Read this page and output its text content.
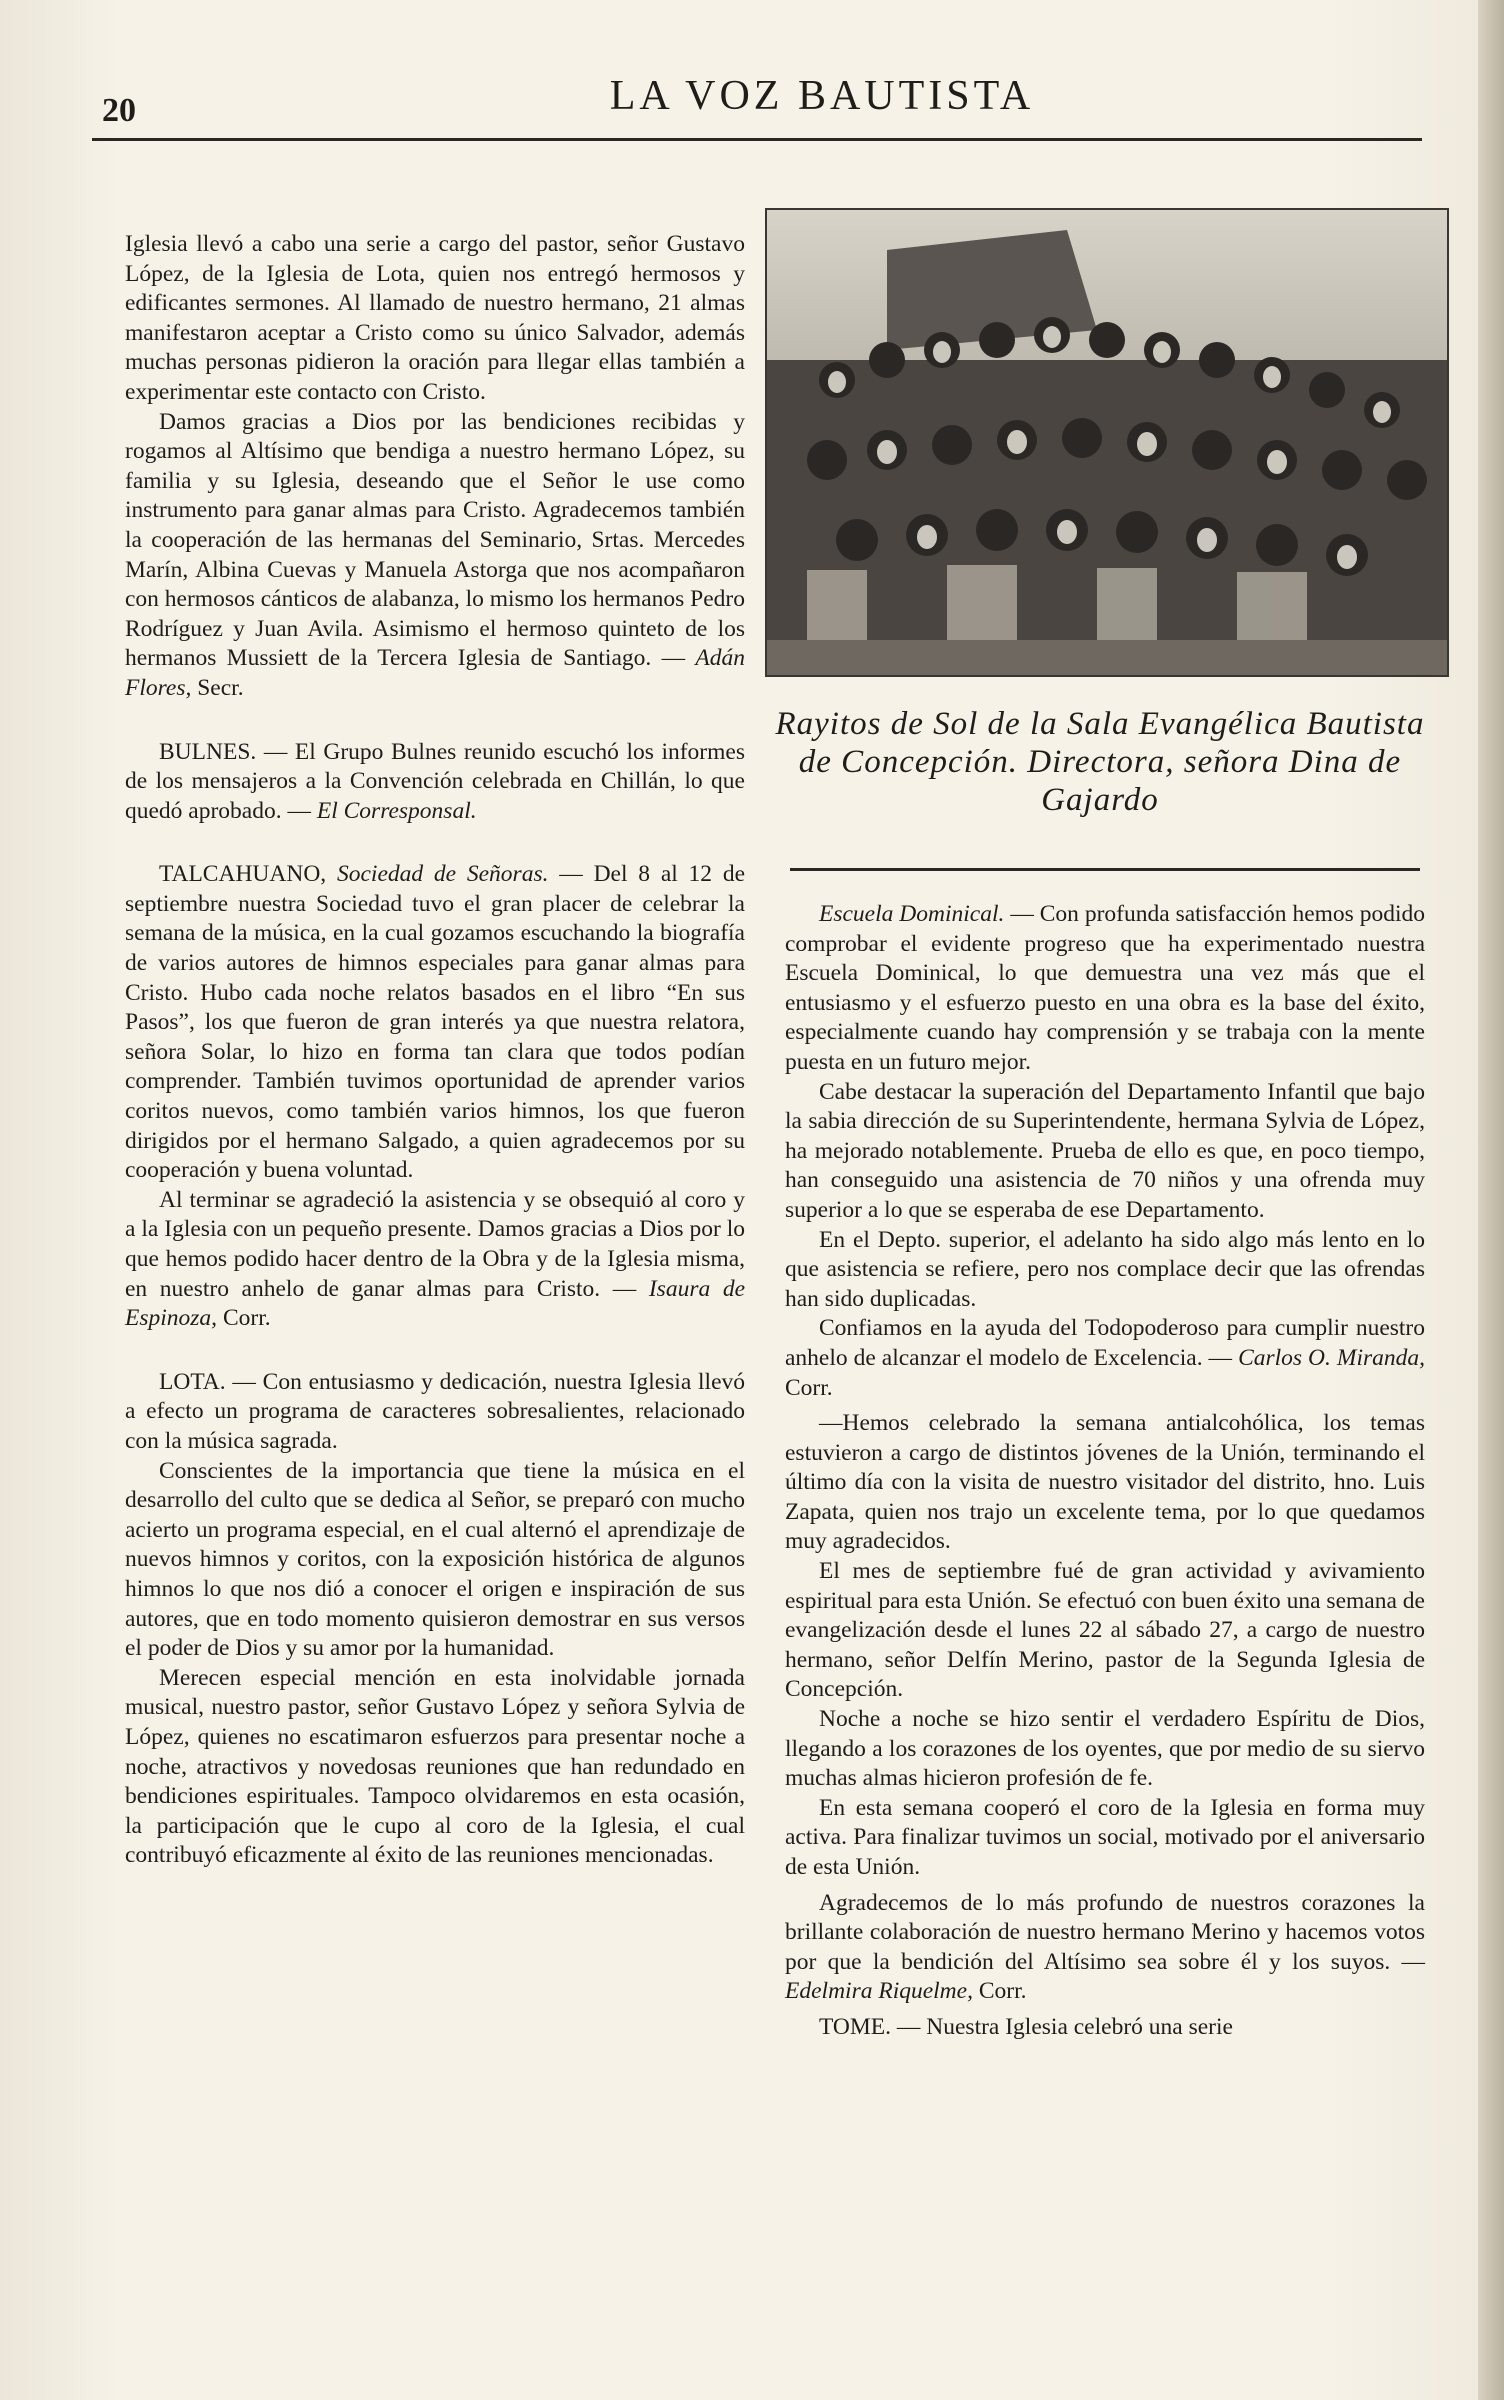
20	LA VOZ BAUTISTA

Iglesia llevó a cabo una serie a cargo del pastor, señor Gustavo López, de la Iglesia de Lota, quien nos entregó hermosos y edificantes sermones. Al llamado de nuestro hermano, 21 almas manifestaron aceptar a Cristo como su único Salvador, además muchas personas pidieron la oración para llegar ellas también a experimentar este contacto con Cristo.

Damos gracias a Dios por las bendiciones recibidas y rogamos al Altísimo que bendiga a nuestro hermano López, su familia y su Iglesia, deseando que el Señor le use como instrumento para ganar almas para Cristo. Agradecemos también la cooperación de las hermanas del Seminario, Srtas. Mercedes Marín, Albina Cuevas y Manuela Astorga que nos acompañaron con hermosos cánticos de alabanza, lo mismo los hermanos Pedro Rodríguez y Juan Avila. Asimismo el hermoso quinteto de los hermanos Mussiett de la Tercera Iglesia de Santiago. — Adán Flores, Secr.

BULNES. — El Grupo Bulnes reunido escuchó los informes de los mensajeros a la Convención celebrada en Chillán, lo que quedó aprobado. — El Corresponsal.

TALCAHUANO, Sociedad de Señoras. — Del 8 al 12 de septiembre nuestra Sociedad tuvo el gran placer de celebrar la semana de la música, en la cual gozamos escuchando la biografía de varios autores de himnos especiales para ganar almas para Cristo. Hubo cada noche relatos basados en el libro “En sus Pasos”, los que fueron de gran interés ya que nuestra relatora, señora Solar, lo hizo en forma tan clara que todos podían comprender. También tuvimos oportunidad de aprender varios coritos nuevos, como también varios himnos, los que fueron dirigidos por el hermano Salgado, a quien agradecemos por su cooperación y buena voluntad.

Al terminar se agradeció la asistencia y se obsequió al coro y a la Iglesia con un pequeño presente. Damos gracias a Dios por lo que hemos podido hacer dentro de la Obra y de la Iglesia misma, en nuestro anhelo de ganar almas para Cristo. — Isaura de Espinoza, Corr.

LOTA. — Con entusiasmo y dedicación, nuestra Iglesia llevó a efecto un programa de caracteres sobresalientes, relacionado con la música sagrada.

Conscientes de la importancia que tiene la música en el desarrollo del culto que se dedica al Señor, se preparó con mucho acierto un programa especial, en el cual alternó el aprendizaje de nuevos himnos y coritos, con la exposición histórica de algunos himnos lo que nos dió a conocer el origen e inspiración de sus autores, que en todo momento quisieron demostrar en sus versos el poder de Dios y su amor por la humanidad.

Merecen especial mención en esta inolvidable jornada musical, nuestro pastor, señor Gustavo López y señora Sylvia de López, quienes no escatimaron esfuerzos para presentar noche a noche, atractivos y novedosas reuniones que han redundado en bendiciones espirituales. Tampoco olvidaremos en esta ocasión, la participación que le cupo al coro de la Iglesia, el cual contribuyó eficazmente al éxito de las reuniones mencionadas.

Rayitos de Sol de la Sala Evangélica Bautista de Concepción. Directora, señora Dina de Gajardo

Escuela Dominical. — Con profunda satisfacción hemos podido comprobar el evidente progreso que ha experimentado nuestra Escuela Dominical, lo que demuestra una vez más que el entusiasmo y el esfuerzo puesto en una obra es la base del éxito, especialmente cuando hay comprensión y se trabaja con la mente puesta en un futuro mejor.

Cabe destacar la superación del Departamento Infantil que bajo la sabia dirección de su Superintendente, hermana Sylvia de López, ha mejorado notablemente. Prueba de ello es que, en poco tiempo, han conseguido una asistencia de 70 niños y una ofrenda muy superior a lo que se esperaba de ese Departamento.

En el Depto. superior, el adelanto ha sido algo más lento en lo que asistencia se refiere, pero nos complace decir que las ofrendas han sido duplicadas.

Confiamos en la ayuda del Todopoderoso para cumplir nuestro anhelo de alcanzar el modelo de Excelencia. — Carlos O. Miranda, Corr.

—Hemos celebrado la semana antialcohólica, los temas estuvieron a cargo de distintos jóvenes de la Unión, terminando el último día con la visita de nuestro visitador del distrito, hno. Luis Zapata, quien nos trajo un excelente tema, por lo que quedamos muy agradecidos.

El mes de septiembre fué de gran actividad y avivamiento espiritual para esta Unión. Se efectuó con buen éxito una semana de evangelización desde el lunes 22 al sábado 27, a cargo de nuestro hermano, señor Delfín Merino, pastor de la Segunda Iglesia de Concepción.

Noche a noche se hizo sentir el verdadero Espíritu de Dios, llegando a los corazones de los oyentes, que por medio de su siervo muchas almas hicieron profesión de fe.

En esta semana cooperó el coro de la Iglesia en forma muy activa. Para finalizar tuvimos un social, motivado por el aniversario de esta Unión.

Agradecemos de lo más profundo de nuestros corazones la brillante colaboración de nuestro hermano Merino y hacemos votos por que la bendición del Altísimo sea sobre él y los suyos. — Edelmira Riquelme, Corr.

TOME. — Nuestra Iglesia celebró una serie
